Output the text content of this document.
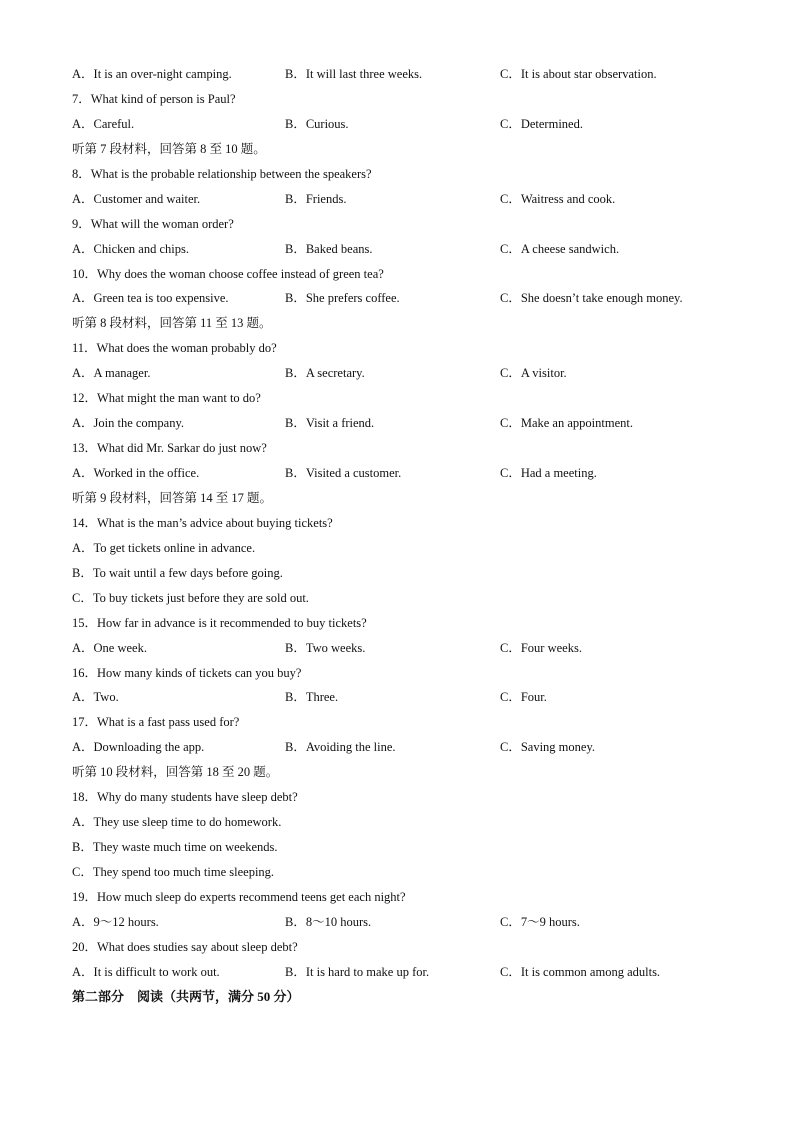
A．It is an over-night camping.	B．It will last three weeks.	C．It is about star observation.
7．What kind of person is Paul?
A．Careful.	B．Curious.	C．Determined.
听第 7 段材料，回答第 8 至 10 题。
8．What is the probable relationship between the speakers?
A．Customer and waiter.	B．Friends.	C．Waitress and cook.
9．What will the woman order?
A．Chicken and chips.	B．Baked beans.	C．A cheese sandwich.
10．Why does the woman choose coffee instead of green tea?
A．Green tea is too expensive.	B．She prefers coffee.	C．She doesn’t take enough money.
听第 8 段材料，回答第 11 至 13 题。
11．What does the woman probably do?
A．A manager.	B．A secretary.	C．A visitor.
12．What might the man want to do?
A．Join the company.	B．Visit a friend.	C．Make an appointment.
13．What did Mr. Sarkar do just now?
A．Worked in the office.	B．Visited a customer.	C．Had a meeting.
听第 9 段材料，回答第 14 至 17 题。
14．What is the man’s advice about buying tickets?
A．To get tickets online in advance.
B．To wait until a few days before going.
C．To buy tickets just before they are sold out.
15．How far in advance is it recommended to buy tickets?
A．One week.	B．Two weeks.	C．Four weeks.
16．How many kinds of tickets can you buy?
A．Two.	B．Three.	C．Four.
17．What is a fast pass used for?
A．Downloading the app.	B．Avoiding the line.	C．Saving money.
听第 10 段材料，回答第 18 至 20 题。
18．Why do many students have sleep debt?
A．They use sleep time to do homework.
B．They waste much time on weekends.
C．They spend too much time sleeping.
19．How much sleep do experts recommend teens get each night?
A．9～12 hours.	B．8～10 hours.	C．7～9 hours.
20．What does studies say about sleep debt?
A．It is difficult to work out.	B．It is hard to make up for.	C．It is common among adults.
第二部分　阅读（共两节，满分 50 分）
